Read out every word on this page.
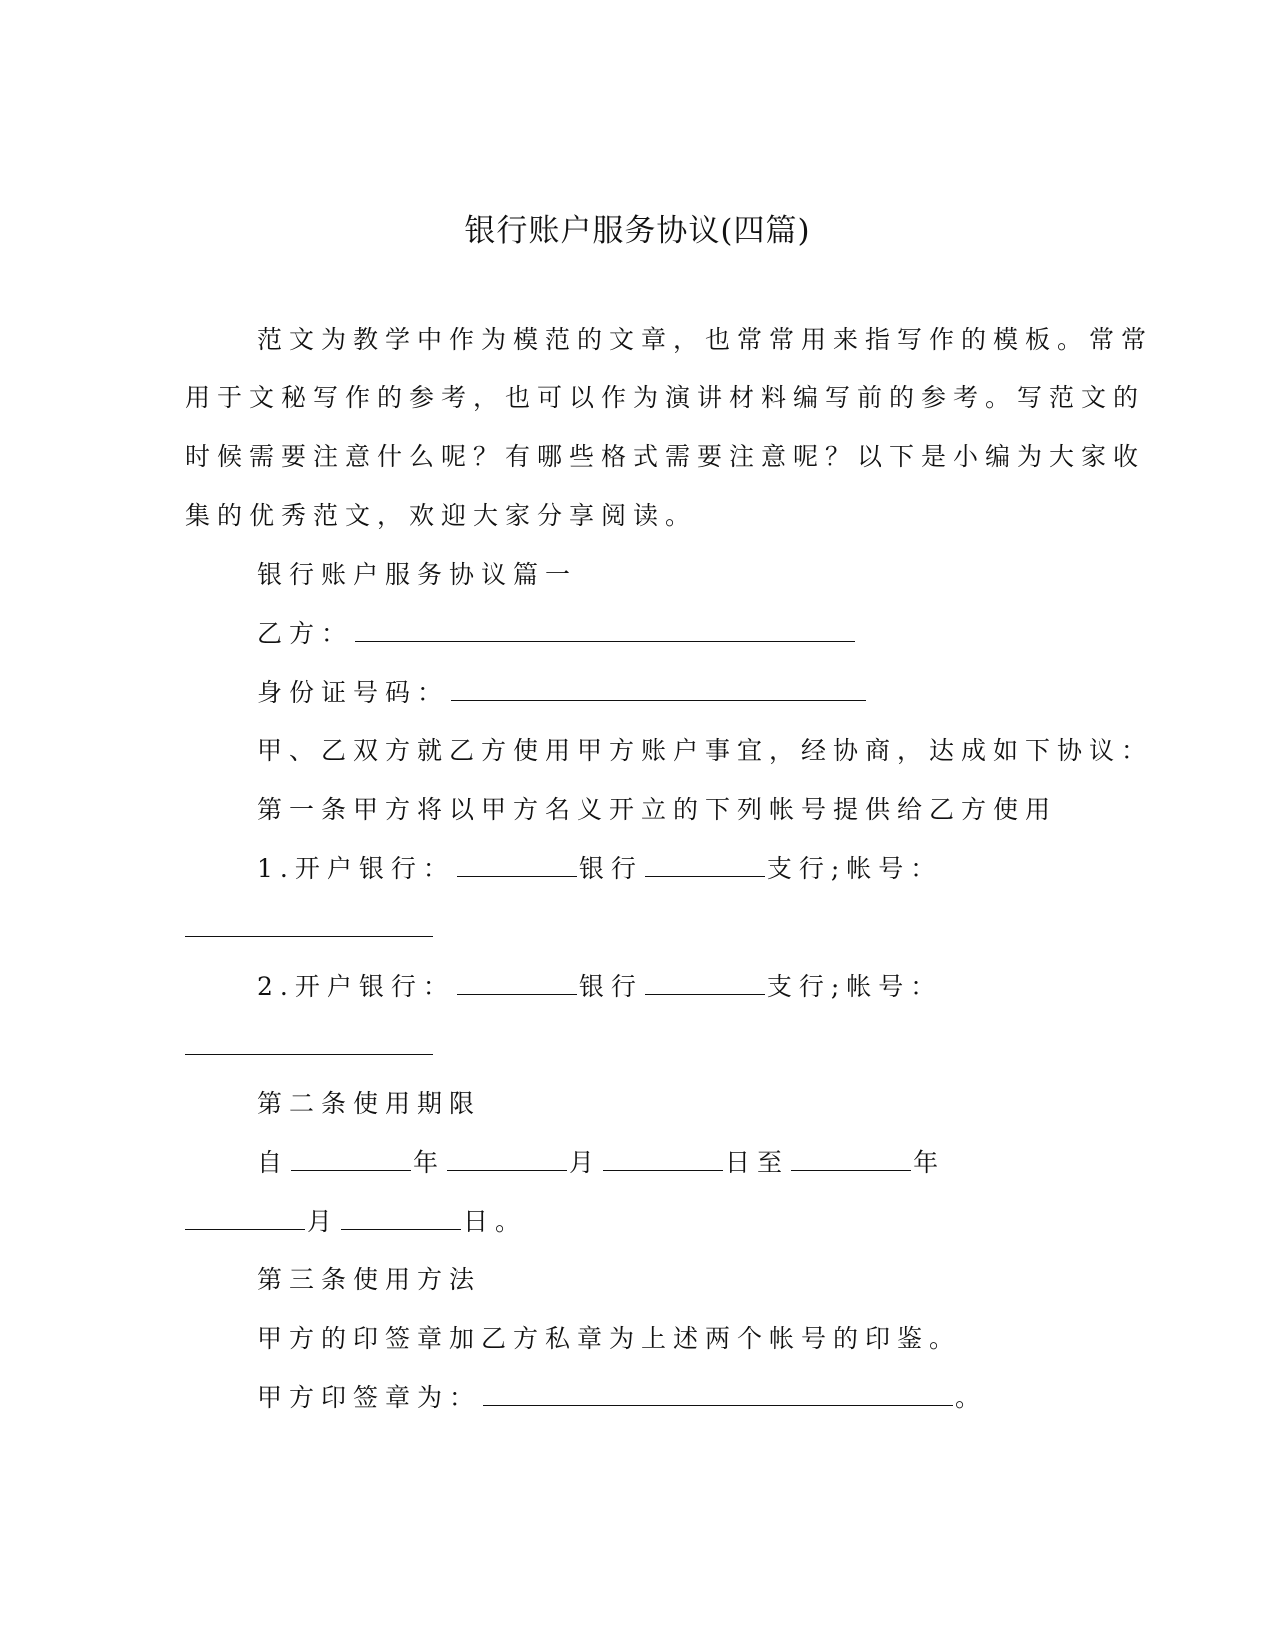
银行账户服务协议(四篇)
范文为教学中作为模范的文章，也常常用来指写作的模板。常常
用于文秘写作的参考，也可以作为演讲材料编写前的参考。写范文的
时候需要注意什么呢？有哪些格式需要注意呢？以下是小编为大家收
集的优秀范文，欢迎大家分享阅读。
银行账户服务协议篇一
乙方：
身份证号码：
甲、乙双方就乙方使用甲方账户事宜，经协商，达成如下协议：
第一条甲方将以甲方名义开立的下列帐号提供给乙方使用
1.开户银行：	银行	支行;帐号：
2.开户银行：	银行	支行;帐号：
第二条使用期限
自	年	月	日至	年
月	日。
第三条使用方法
甲方的印签章加乙方私章为上述两个帐号的印鉴。
甲方印签章为：	。
